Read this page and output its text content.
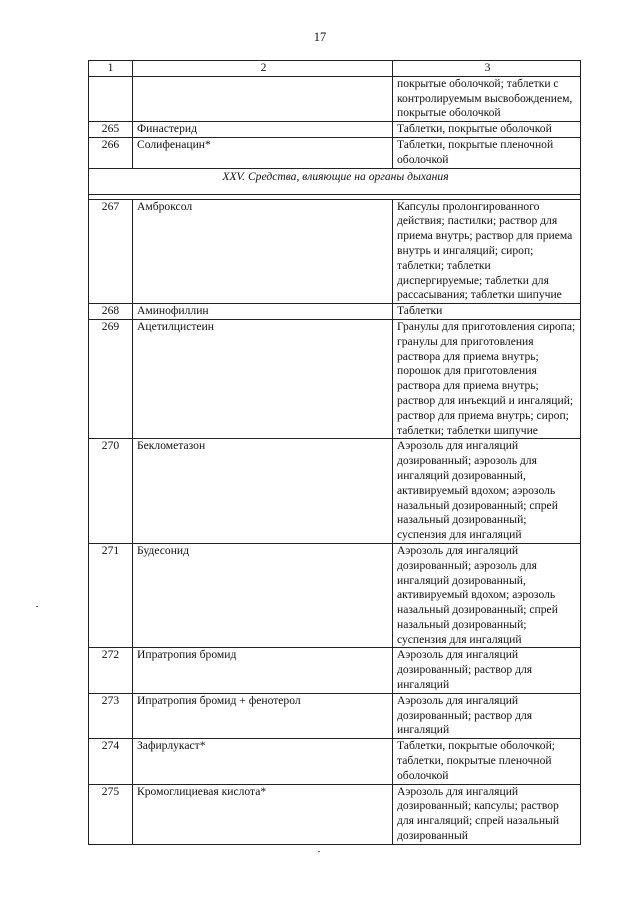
17
1	2	3
		покрытые оболочкой; таблетки с контролируемым высвобождением, покрытые оболочкой
265	Финастерид	Таблетки, покрытые оболочкой
266	Солифенацин*	Таблетки, покрытые пленочной оболочкой
XXV. Средства, влияющие на органы дыхания		

267	Амброксол	Капсулы пролонгированного действия; пастилки; раствор для приема внутрь; раствор для приема внутрь и ингаляций; сироп; таблетки; таблетки диспергируемые; таблетки для рассасывания; таблетки шипучие
268	Аминофиллин	Таблетки
269	Ацетилцистеин	Гранулы для приготовления сиропа; гранулы для приготовления раствора для приема внутрь; порошок для приготовления раствора для приема внутрь; раствор для инъекций и ингаляций; раствор для приема внутрь; сироп; таблетки; таблетки шипучие
270	Беклометазон	Аэрозоль для ингаляций дозированный; аэрозоль для ингаляций дозированный, активируемый вдохом; аэрозоль назальный дозированный; спрей назальный дозированный; суспензия для ингаляций
271	Будесонид	Аэрозоль для ингаляций дозированный; аэрозоль для ингаляций дозированный, активируемый вдохом; аэрозоль назальный дозированный; спрей назальный дозированный; суспензия для ингаляций
272	Ипратропия бромид	Аэрозоль для ингаляций дозированный; раствор для ингаляций
273	Ипратропия бромид + фенотерол	Аэрозоль для ингаляций дозированный; раствор для ингаляций
274	Зафирлукаст*	Таблетки, покрытые оболочкой; таблетки, покрытые пленочной оболочкой
275	Кромоглициевая кислота*	Аэрозоль для ингаляций дозированный; капсулы; раствор для ингаляций; спрей назальный дозированный
